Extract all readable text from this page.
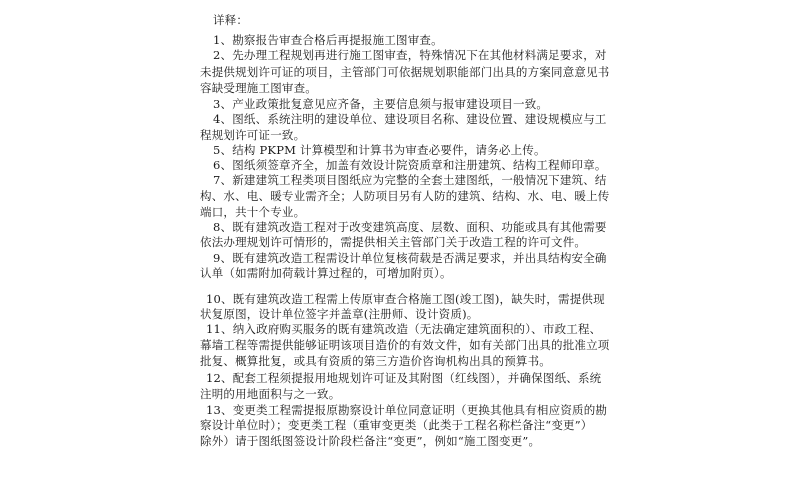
详释：
1、勘察报告审查合格后再提报施工图审查。
2、先办理工程规划再进行施工图审查，特殊情况下在其他材料满足要求，对
未提供规划许可证的项目，主管部门可依据规划职能部门出具的方案同意意见书
容缺受理施工图审查。
3、产业政策批复意见应齐备，主要信息须与报审建设项目一致。
4、图纸、系统注明的建设单位、建设项目名称、建设位置、建设规模应与工
程规划许可证一致。
5、结构 PKPM 计算模型和计算书为审查必要件，请务必上传。
6、图纸须签章齐全，加盖有效设计院资质章和注册建筑、结构工程师印章。
7、新建建筑工程类项目图纸应为完整的全套土建图纸，一般情况下建筑、结
构、水、电、暖专业需齐全；人防项目另有人防的建筑、结构、水、电、暖上传
端口，共十个专业。
8、既有建筑改造工程对于改变建筑高度、层数、面积、功能或具有其他需要
依法办理规划许可情形的，需提供相关主管部门关于改造工程的许可文件。
9、既有建筑改造工程需设计单位复核荷载是否满足要求，并出具结构安全确
认单（如需附加荷载计算过程的，可增加附页）。
10、既有建筑改造工程需上传原审查合格施工图(竣工图)，缺失时，需提供现
状复原图，设计单位签字并盖章(注册师、设计资质)。
11、纳入政府购买服务的既有建筑改造（无法确定建筑面积的）、市政工程、
幕墙工程等需提供能够证明该项目造价的有效文件，如有关部门出具的批准立项
批复、概算批复，或具有资质的第三方造价咨询机构出具的预算书。
12、配套工程须提报用地规划许可证及其附图（红线图），并确保图纸、系统
注明的用地面积与之一致。
13、变更类工程需提报原勘察设计单位同意证明（更换其他具有相应资质的勘
察设计单位时）；变更类工程（重审变更类（此类于工程名称栏备注“变更”）
除外）请于图纸图签设计阶段栏备注“变更”，例如“施工图变更”。
